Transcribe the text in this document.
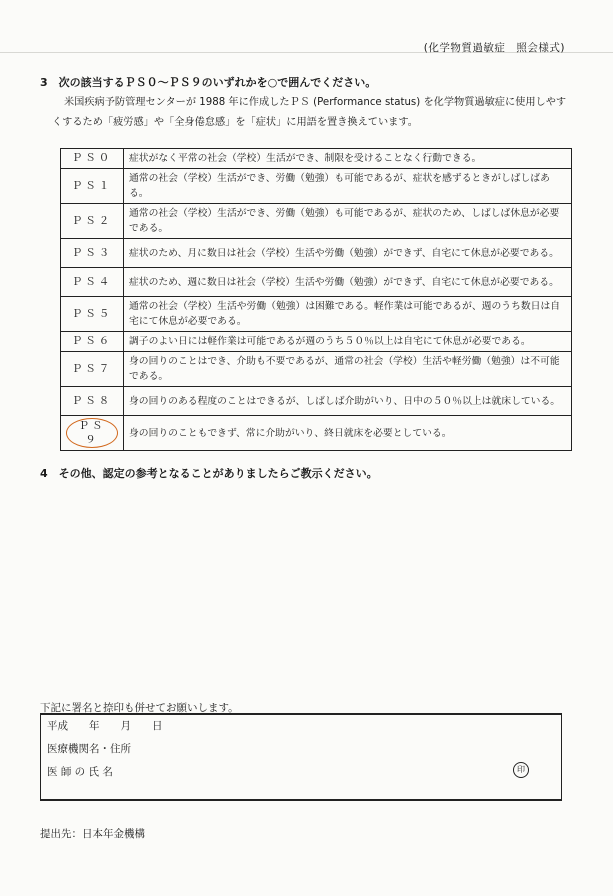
(化学物質過敏症　照会様式)
3　次の該当するＰＳ０～ＰＳ９のいずれかを○で囲んでください。
米国疾病予防管理センターが 1988 年に作成したＰＳ (Performance status) を化学物質過敏症に使用しやすくするため「疲労感」や「全身倦怠感」を「症状」に用語を置き換えています。
ＰＳ０	症状がなく平常の社会（学校）生活ができ、制限を受けることなく行動できる。
ＰＳ１	通常の社会（学校）生活ができ、労働（勉強）も可能であるが、症状を感ずるときがしばしばある。
ＰＳ２	通常の社会（学校）生活ができ、労働（勉強）も可能であるが、症状のため、しばしば休息が必要である。
ＰＳ３	症状のため、月に数日は社会（学校）生活や労働（勉強）ができず、自宅にて休息が必要である。
ＰＳ４	症状のため、週に数日は社会（学校）生活や労働（勉強）ができず、自宅にて休息が必要である。
ＰＳ５	通常の社会（学校）生活や労働（勉強）は困難である。軽作業は可能であるが、週のうち数日は自宅にて休息が必要である。
ＰＳ６	調子のよい日には軽作業は可能であるが週のうち５０％以上は自宅にて休息が必要である。
ＰＳ７	身の回りのことはでき、介助も不要であるが、通常の社会（学校）生活や軽労働（勉強）は不可能である。
ＰＳ８	身の回りのある程度のことはできるが、しばしば介助がいり、日中の５０％以上は就床している。
ＰＳ９	身の回りのこともできず、常に介助がいり、終日就床を必要としている。
4　その他、認定の参考となることがありましたらご教示ください。
下記に署名と捺印も併せてお願いします。
平成　　年　　月　　日
医療機関名・住所
医 師 の 氏 名	印
提出先：日本年金機構
